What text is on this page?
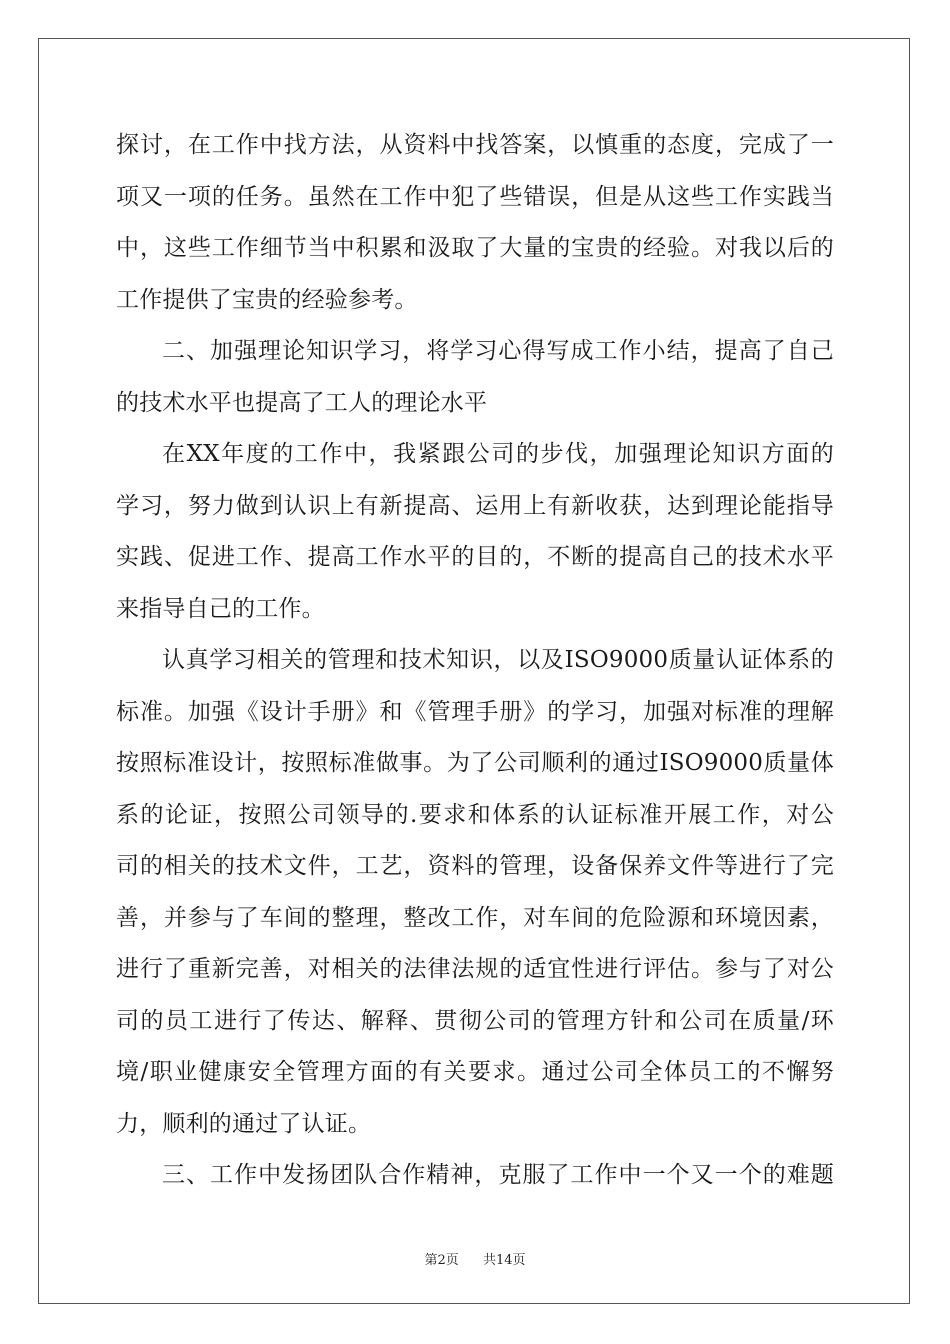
探讨，在工作中找方法，从资料中找答案，以慎重的态度，完成了一
项又一项的任务。虽然在工作中犯了些错误，但是从这些工作实践当
中，这些工作细节当中积累和汲取了大量的宝贵的经验。对我以后的
工作提供了宝贵的经验参考。
二、加强理论知识学习，将学习心得写成工作小结，提高了自己
的技术水平也提高了工人的理论水平
在XX年度的工作中，我紧跟公司的步伐，加强理论知识方面的
学习，努力做到认识上有新提高、运用上有新收获，达到理论能指导
实践、促进工作、提高工作水平的目的，不断的提高自己的技术水平
来指导自己的工作。
认真学习相关的管理和技术知识，以及ISO9000质量认证体系的
标准。加强《设计手册》和《管理手册》的学习，加强对标准的理解
按照标准设计，按照标准做事。为了公司顺利的通过ISO9000质量体
系的论证，按照公司领导的.要求和体系的认证标准开展工作，对公
司的相关的技术文件，工艺，资料的管理，设备保养文件等进行了完
善，并参与了车间的整理，整改工作，对车间的危险源和环境因素，
进行了重新完善，对相关的法律法规的适宜性进行评估。参与了对公
司的员工进行了传达、解释、贯彻公司的管理方针和公司在质量/环
境/职业健康安全管理方面的有关要求。通过公司全体员工的不懈努
力，顺利的通过了认证。
三、工作中发扬团队合作精神，克服了工作中一个又一个的难题
第2页 共14页
